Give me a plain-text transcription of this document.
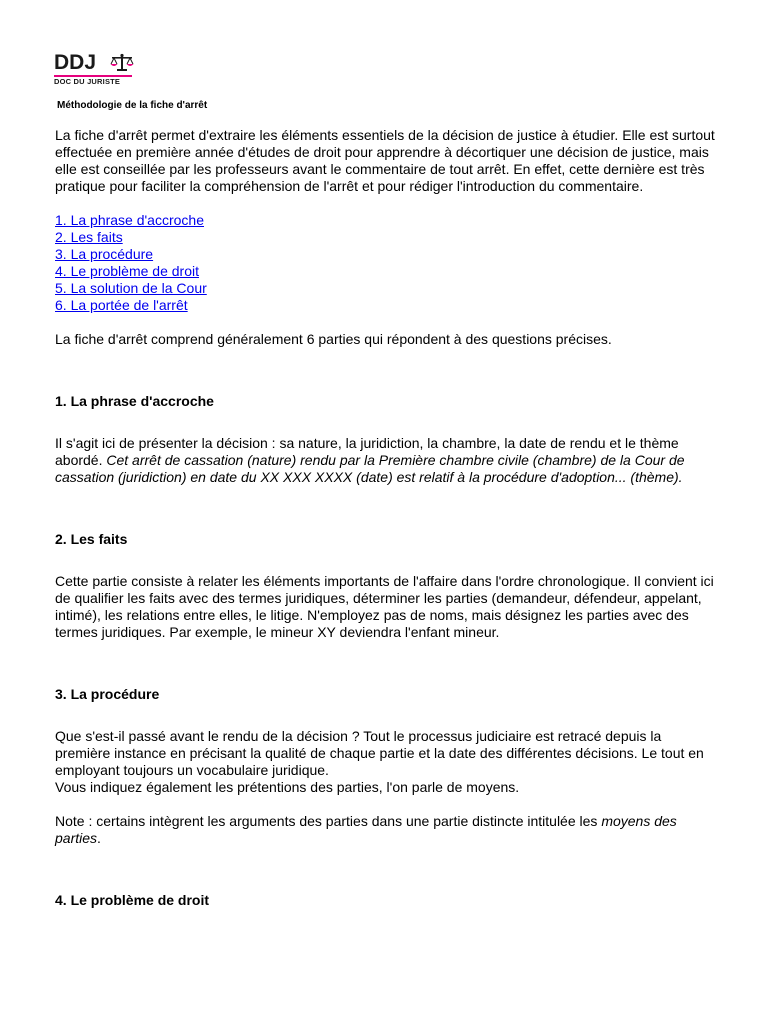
DDJ
DOC DU JURISTE
Méthodologie de la fiche d'arrêt

La fiche d'arrêt permet d'extraire les éléments essentiels de la décision de justice à étudier. Elle est surtout effectuée en première année d'études de droit pour apprendre à décortiquer une décision de justice, mais elle est conseillée par les professeurs avant le commentaire de tout arrêt. En effet, cette dernière est très pratique pour faciliter la compréhension de l'arrêt et pour rédiger l'introduction du commentaire.

1. La phrase d'accroche
2. Les faits
3. La procédure
4. Le problème de droit
5. La solution de la Cour
6. La portée de l'arrêt

La fiche d'arrêt comprend généralement 6 parties qui répondent à des questions précises.

1. La phrase d'accroche

Il s'agit ici de présenter la décision : sa nature, la juridiction, la chambre, la date de rendu et le thème abordé. Cet arrêt de cassation (nature) rendu par la Première chambre civile (chambre) de la Cour de cassation (juridiction) en date du XX XXX XXXX (date) est relatif à la procédure d'adoption... (thème).

2. Les faits

Cette partie consiste à relater les éléments importants de l'affaire dans l'ordre chronologique. Il convient ici de qualifier les faits avec des termes juridiques, déterminer les parties (demandeur, défendeur, appelant, intimé), les relations entre elles, le litige. N'employez pas de noms, mais désignez les parties avec des termes juridiques. Par exemple, le mineur XY deviendra l'enfant mineur.

3. La procédure

Que s'est-il passé avant le rendu de la décision ? Tout le processus judiciaire est retracé depuis la première instance en précisant la qualité de chaque partie et la date des différentes décisions. Le tout en employant toujours un vocabulaire juridique.

Vous indiquez également les prétentions des parties, l'on parle de moyens.

Note : certains intègrent les arguments des parties dans une partie distincte intitulée les moyens des parties.

4. Le problème de droit
